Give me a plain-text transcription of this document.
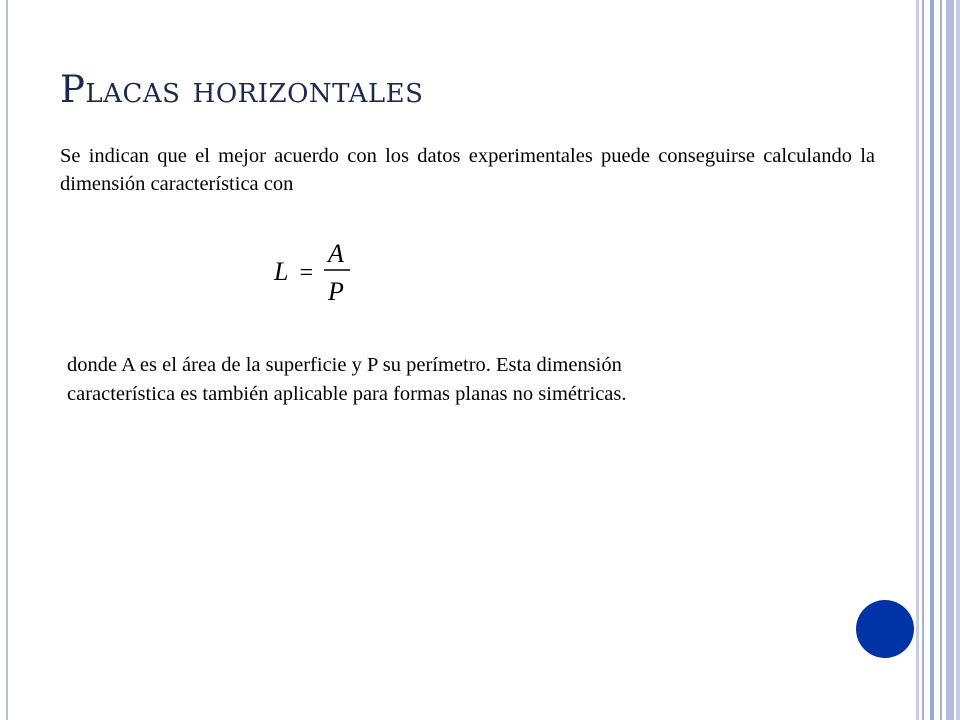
Placas horizontales
Se indican que el mejor acuerdo con los datos experimentales puede conseguirse calculando la dimensión característica con
L =
A
P
donde A es el área de la superficie y P su perímetro. Esta dimensión
característica es también aplicable para formas planas no simétricas.
